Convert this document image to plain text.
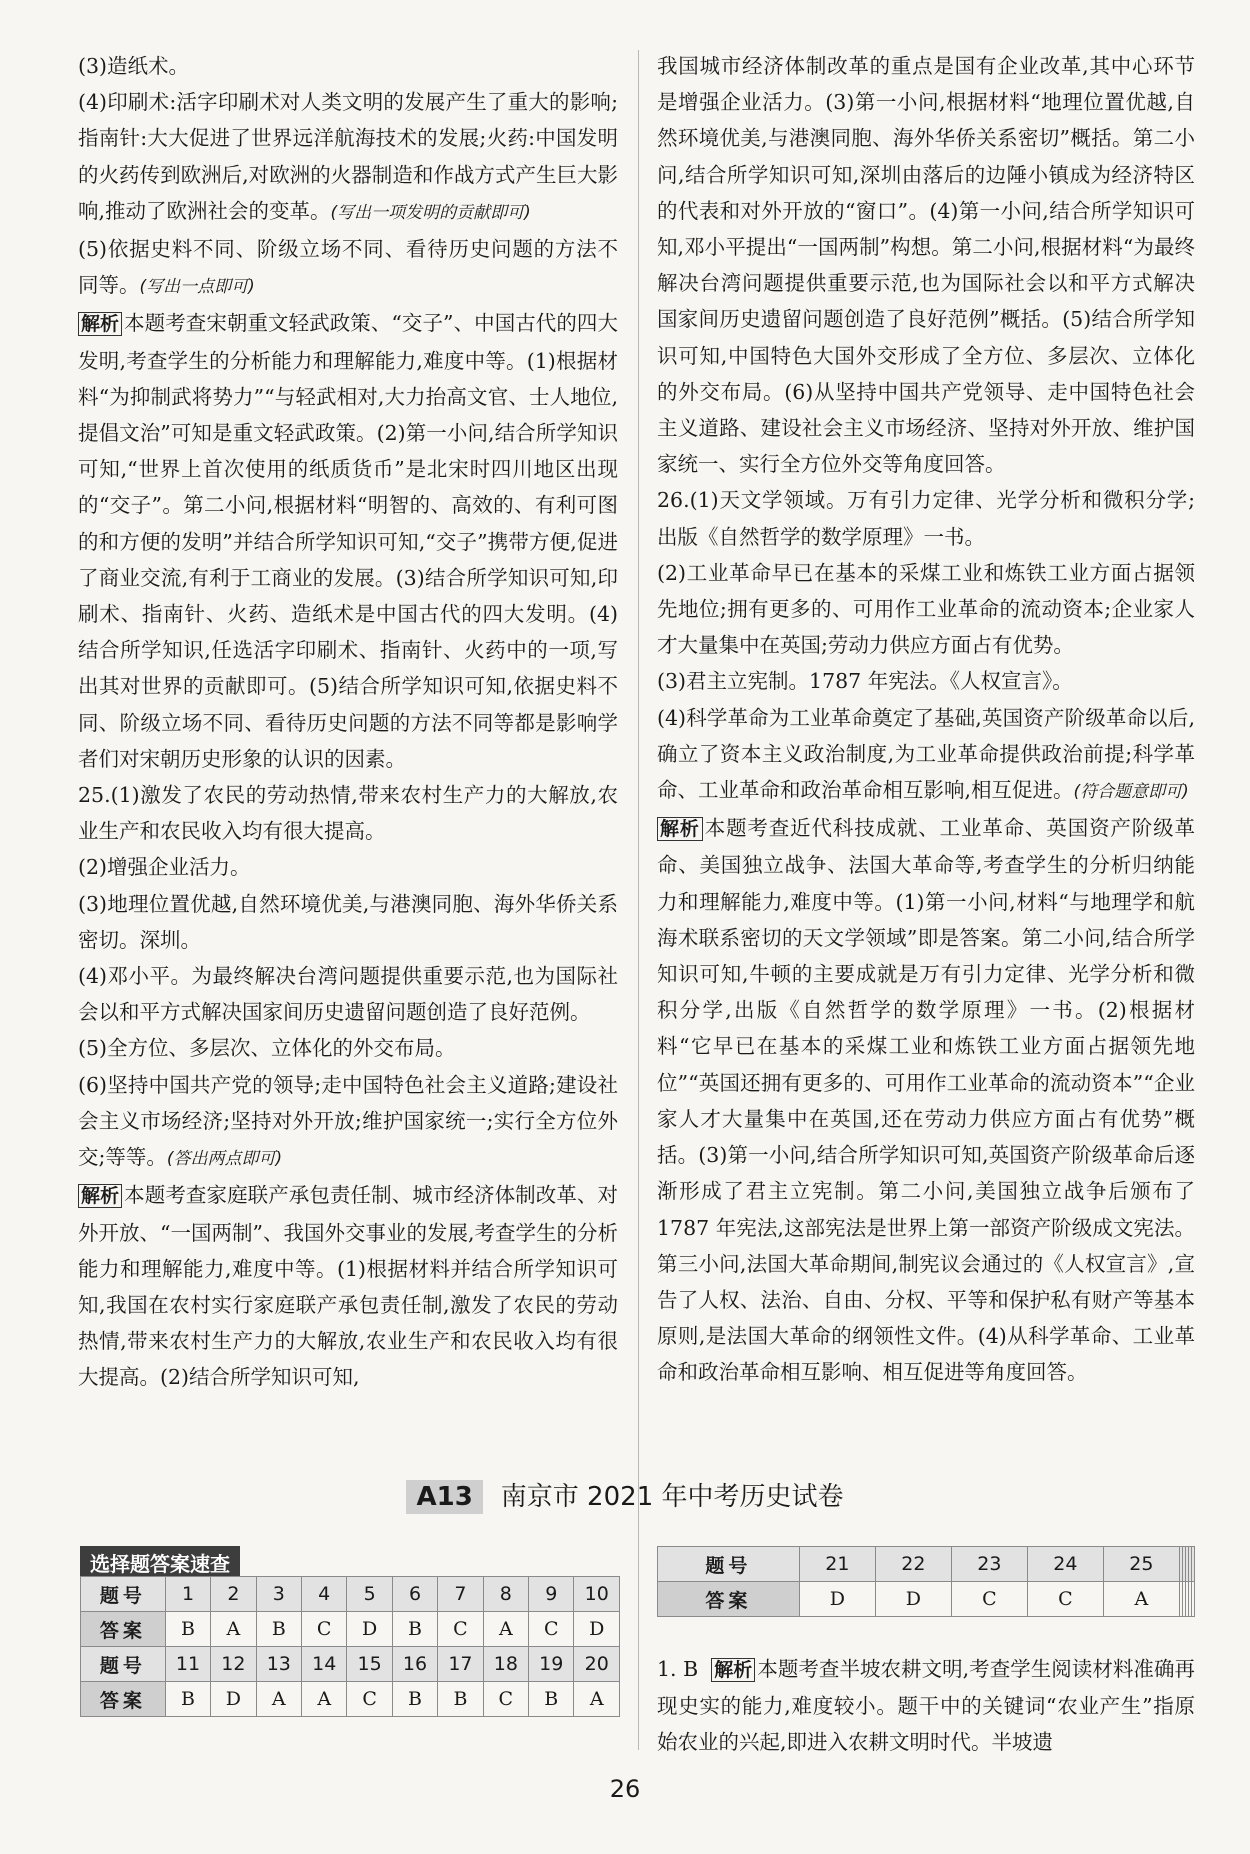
(3)造纸术。

(4)印刷术:活字印刷术对人类文明的发展产生了重大的影响;指南针:大大促进了世界远洋航海技术的发展;火药:中国发明的火药传到欧洲后,对欧洲的火器制造和作战方式产生巨大影响,推动了欧洲社会的变革。(写出一项发明的贡献即可)

(5)依据史料不同、阶级立场不同、看待历史问题的方法不同等。(写出一点即可)

解析 本题考查宋朝重文轻武政策、“交子”、中国古代的四大发明,考查学生的分析能力和理解能力,难度中等。(1)根据材料“为抑制武将势力”“与轻武相对,大力抬高文官、士人地位,提倡文治”可知是重文轻武政策。(2)第一小问,结合所学知识可知,“世界上首次使用的纸质货币”是北宋时四川地区出现的“交子”。第二小问,根据材料“明智的、高效的、有利可图的和方便的发明”并结合所学知识可知,“交子”携带方便,促进了商业交流,有利于工商业的发展。(3)结合所学知识可知,印刷术、指南针、火药、造纸术是中国古代的四大发明。(4)结合所学知识,任选活字印刷术、指南针、火药中的一项,写出其对世界的贡献即可。(5)结合所学知识可知,依据史料不同、阶级立场不同、看待历史问题的方法不同等都是影响学者们对宋朝历史形象的认识的因素。

25.(1)激发了农民的劳动热情,带来农村生产力的大解放,农业生产和农民收入均有很大提高。

(2)增强企业活力。

(3)地理位置优越,自然环境优美,与港澳同胞、海外华侨关系密切。深圳。

(4)邓小平。为最终解决台湾问题提供重要示范,也为国际社会以和平方式解决国家间历史遗留问题创造了良好范例。

(5)全方位、多层次、立体化的外交布局。

(6)坚持中国共产党的领导;走中国特色社会主义道路;建设社会主义市场经济;坚持对外开放;维护国家统一;实行全方位外交;等等。(答出两点即可)

解析 本题考查家庭联产承包责任制、城市经济体制改革、对外开放、“一国两制”、我国外交事业的发展,考查学生的分析能力和理解能力,难度中等。(1)根据材料并结合所学知识可知,我国在农村实行家庭联产承包责任制,激发了农民的劳动热情,带来农村生产力的大解放,农业生产和农民收入均有很大提高。(2)结合所学知识可知,

我国城市经济体制改革的重点是国有企业改革,其中心环节是增强企业活力。(3)第一小问,根据材料“地理位置优越,自然环境优美,与港澳同胞、海外华侨关系密切”概括。第二小问,结合所学知识可知,深圳由落后的边陲小镇成为经济特区的代表和对外开放的“窗口”。(4)第一小问,结合所学知识可知,邓小平提出“一国两制”构想。第二小问,根据材料“为最终解决台湾问题提供重要示范,也为国际社会以和平方式解决国家间历史遗留问题创造了良好范例”概括。(5)结合所学知识可知,中国特色大国外交形成了全方位、多层次、立体化的外交布局。(6)从坚持中国共产党领导、走中国特色社会主义道路、建设社会主义市场经济、坚持对外开放、维护国家统一、实行全方位外交等角度回答。

26.(1)天文学领域。万有引力定律、光学分析和微积分学;出版《自然哲学的数学原理》一书。

(2)工业革命早已在基本的采煤工业和炼铁工业方面占据领先地位;拥有更多的、可用作工业革命的流动资本;企业家人才大量集中在英国;劳动力供应方面占有优势。

(3)君主立宪制。1787 年宪法。《人权宣言》。

(4)科学革命为工业革命奠定了基础,英国资产阶级革命以后,确立了资本主义政治制度,为工业革命提供政治前提;科学革命、工业革命和政治革命相互影响,相互促进。(符合题意即可)

解析 本题考查近代科技成就、工业革命、英国资产阶级革命、美国独立战争、法国大革命等,考查学生的分析归纳能力和理解能力,难度中等。(1)第一小问,材料“与地理学和航海术联系密切的天文学领域”即是答案。第二小问,结合所学知识可知,牛顿的主要成就是万有引力定律、光学分析和微积分学,出版《自然哲学的数学原理》一书。(2)根据材料“它早已在基本的采煤工业和炼铁工业方面占据领先地位”“英国还拥有更多的、可用作工业革命的流动资本”“企业家人才大量集中在英国,还在劳动力供应方面占有优势”概括。(3)第一小问,结合所学知识可知,英国资产阶级革命后逐渐形成了君主立宪制。第二小问,美国独立战争后颁布了 1787 年宪法,这部宪法是世界上第一部资产阶级成文宪法。第三小问,法国大革命期间,制宪议会通过的《人权宣言》,宣告了人权、法治、自由、分权、平等和保护私有财产等基本原则,是法国大革命的纲领性文件。(4)从科学革命、工业革命和政治革命相互影响、相互促进等角度回答。

A13 南京市 2021 年中考历史试卷
选择题答案速查
题号	1	2	3	4	5	6	7	8	9	10
答案	B	A	B	C	D	B	C	A	C	D
题号	11	12	13	14	15	16	17	18	19	20
答案	B	D	A	A	C	B	B	C	B	A
题号	21	22	23	24	25					
答案	D	D	C	C	A					

1. B 解析 本题考查半坡农耕文明,考查学生阅读材料准确再现史实的能力,难度较小。题干中的关键词“农业产生”指原始农业的兴起,即进入农耕文明时代。半坡遗

26
